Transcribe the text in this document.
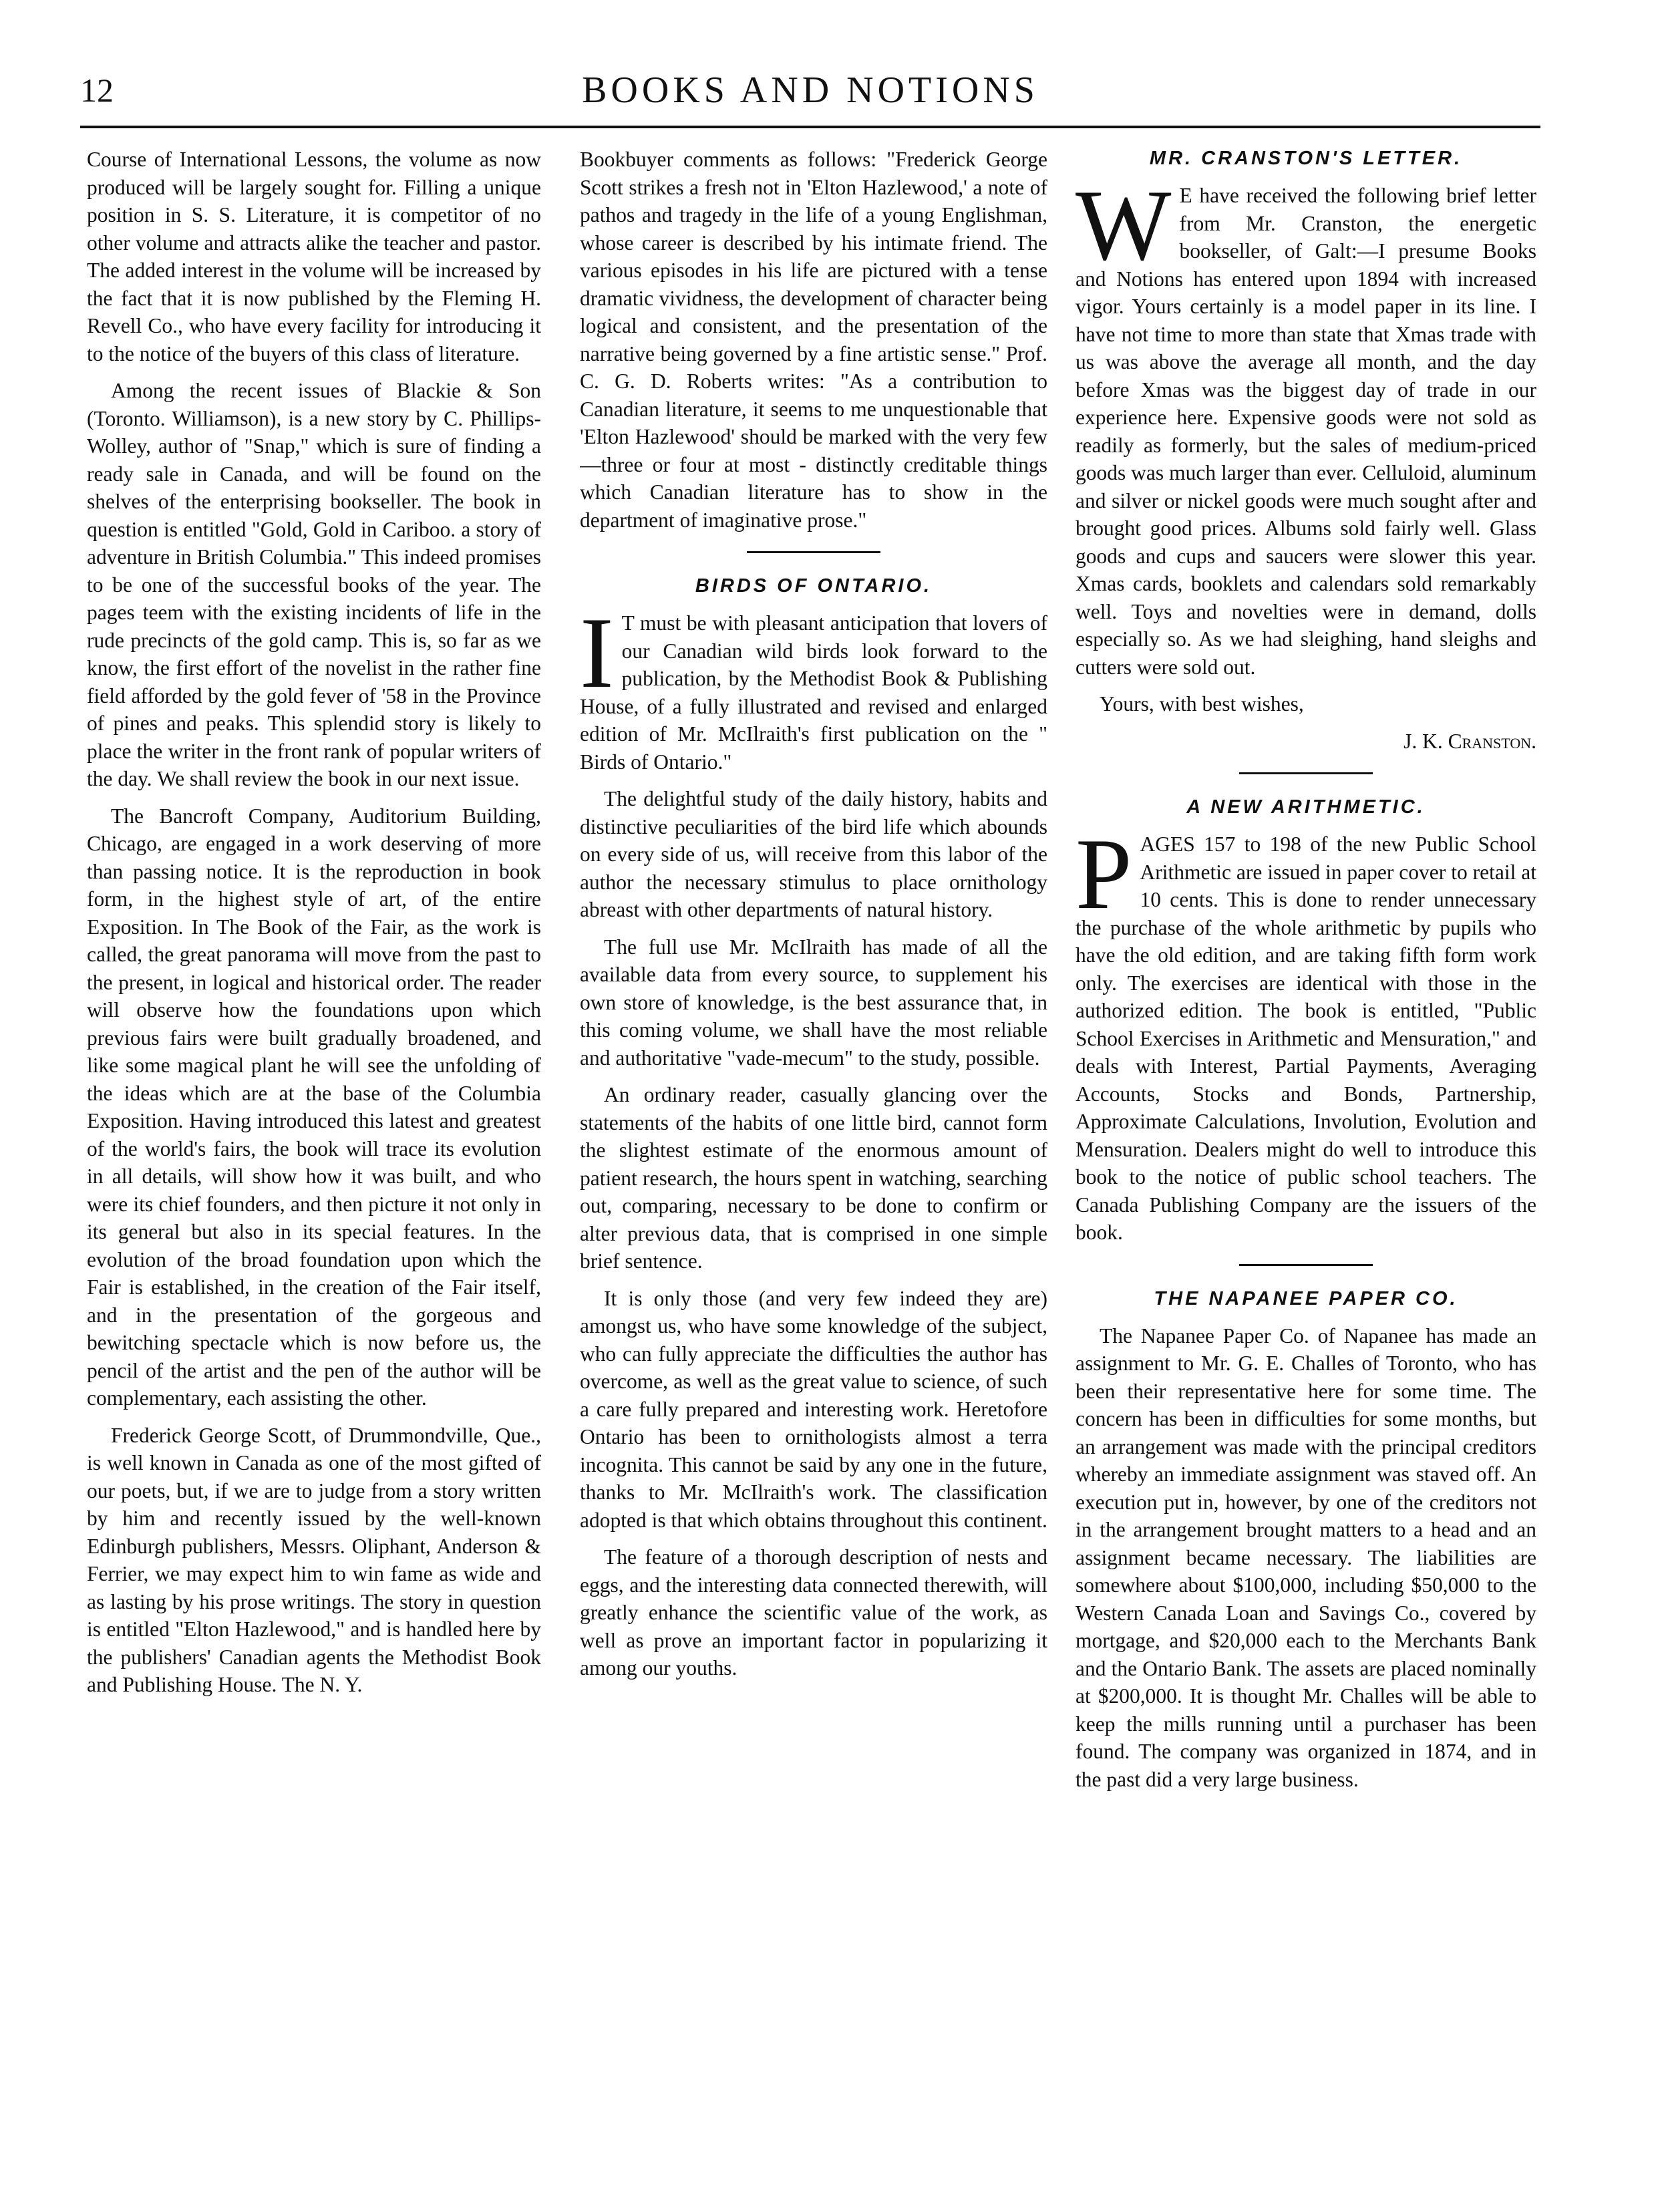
12	BOOKS AND NOTIONS

Course of International Lessons, the volume as now produced will be largely sought for. Filling a unique position in S. S. Literature, it is competitor of no other volume and attracts alike the teacher and pastor. The added interest in the volume will be increased by the fact that it is now published by the Fleming H. Revell Co., who have every facility for introducing it to the notice of the buyers of this class of literature.

Among the recent issues of Blackie & Son (Toronto. Williamson), is a new story by C. Phillips-Wolley, author of "Snap," which is sure of finding a ready sale in Canada, and will be found on the shelves of the enterprising bookseller. The book in question is entitled "Gold, Gold in Cariboo. a story of adventure in British Columbia." This indeed promises to be one of the successful books of the year. The pages teem with the existing incidents of life in the rude precincts of the gold camp. This is, so far as we know, the first effort of the novelist in the rather fine field afforded by the gold fever of '58 in the Province of pines and peaks. This splendid story is likely to place the writer in the front rank of popular writers of the day. We shall review the book in our next issue.

The Bancroft Company, Auditorium Building, Chicago, are engaged in a work deserving of more than passing notice. It is the reproduction in book form, in the highest style of art, of the entire Exposition. In The Book of the Fair, as the work is called, the great panorama will move from the past to the present, in logical and historical order. The reader will observe how the foundations upon which previous fairs were built gradually broadened, and like some magical plant he will see the unfolding of the ideas which are at the base of the Columbia Exposition. Having introduced this latest and greatest of the world's fairs, the book will trace its evolution in all details, will show how it was built, and who were its chief founders, and then picture it not only in its general but also in its special features. In the evolution of the broad foundation upon which the Fair is established, in the creation of the Fair itself, and in the presentation of the gorgeous and bewitching spectacle which is now before us, the pencil of the artist and the pen of the author will be complementary, each assisting the other.

Frederick George Scott, of Drummondville, Que., is well known in Canada as one of the most gifted of our poets, but, if we are to judge from a story written by him and recently issued by the well-known Edinburgh publishers, Messrs. Oliphant, Anderson & Ferrier, we may expect him to win fame as wide and as lasting by his prose writings. The story in question is entitled "Elton Hazlewood," and is handled here by the publishers' Canadian agents the Methodist Book and Publishing House. The N. Y.

Bookbuyer comments as follows: "Frederick George Scott strikes a fresh not in 'Elton Hazlewood,' a note of pathos and tragedy in the life of a young Englishman, whose career is described by his intimate friend. The various episodes in his life are pictured with a tense dramatic vividness, the development of character being logical and consistent, and the presentation of the narrative being governed by a fine artistic sense." Prof. C. G. D. Roberts writes: "As a contribution to Canadian literature, it seems to me unquestionable that 'Elton Hazlewood' should be marked with the very few—three or four at most - distinctly creditable things which Canadian literature has to show in the department of imaginative prose."

BIRDS OF ONTARIO.

I T must be with pleasant anticipation that lovers of our Canadian wild birds look forward to the publication, by the Methodist Book & Publishing House, of a fully illustrated and revised and enlarged edition of Mr. McIlraith's first publication on the " Birds of Ontario."

The delightful study of the daily history, habits and distinctive peculiarities of the bird life which abounds on every side of us, will receive from this labor of the author the necessary stimulus to place ornithology abreast with other departments of natural history.

The full use Mr. McIlraith has made of all the available data from every source, to supplement his own store of knowledge, is the best assurance that, in this coming volume, we shall have the most reliable and authoritative "vade-mecum" to the study, possible.

An ordinary reader, casually glancing over the statements of the habits of one little bird, cannot form the slightest estimate of the enormous amount of patient research, the hours spent in watching, searching out, comparing, necessary to be done to confirm or alter previous data, that is comprised in one simple brief sentence.

It is only those (and very few indeed they are) amongst us, who have some knowledge of the subject, who can fully appreciate the difficulties the author has overcome, as well as the great value to science, of such a care fully prepared and interesting work. Heretofore Ontario has been to ornithologists almost a terra incognita. This cannot be said by any one in the future, thanks to Mr. McIlraith's work. The classification adopted is that which obtains throughout this continent.

The feature of a thorough description of nests and eggs, and the interesting data connected therewith, will greatly enhance the scientific value of the work, as well as prove an important factor in popularizing it among our youths.

MR. CRANSTON'S LETTER.

W E have received the following brief letter from Mr. Cranston, the energetic bookseller, of Galt:—I presume Books and Notions has entered upon 1894 with increased vigor. Yours certainly is a model paper in its line. I have not time to more than state that Xmas trade with us was above the average all month, and the day before Xmas was the biggest day of trade in our experience here. Expensive goods were not sold as readily as formerly, but the sales of medium-priced goods was much larger than ever. Celluloid, aluminum and silver or nickel goods were much sought after and brought good prices. Albums sold fairly well. Glass goods and cups and saucers were slower this year. Xmas cards, booklets and calendars sold remarkably well. Toys and novelties were in demand, dolls especially so. As we had sleighing, hand sleighs and cutters were sold out.

Yours, with best wishes,

J. K. Cranston.

A NEW ARITHMETIC.

PAGES 157 to 198 of the new Public School Arithmetic are issued in paper cover to retail at 10 cents. This is done to render unnecessary the purchase of the whole arithmetic by pupils who have the old edition, and are taking fifth form work only. The exercises are identical with those in the authorized edition. The book is entitled, "Public School Exercises in Arithmetic and Mensuration," and deals with Interest, Partial Payments, Averaging Accounts, Stocks and Bonds, Partnership, Approximate Calculations, Involution, Evolution and Mensuration. Dealers might do well to introduce this book to the notice of public school teachers. The Canada Publishing Company are the issuers of the book.

THE NAPANEE PAPER CO.

The Napanee Paper Co. of Napanee has made an assignment to Mr. G. E. Challes of Toronto, who has been their representative here for some time. The concern has been in difficulties for some months, but an arrangement was made with the principal creditors whereby an immediate assignment was staved off. An execution put in, however, by one of the creditors not in the arrangement brought matters to a head and an assignment became necessary. The liabilities are somewhere about $100,000, including $50,000 to the Western Canada Loan and Savings Co., covered by mortgage, and $20,000 each to the Merchants Bank and the Ontario Bank. The assets are placed nominally at $200,000. It is thought Mr. Challes will be able to keep the mills running until a purchaser has been found. The company was organized in 1874, and in the past did a very large business.
